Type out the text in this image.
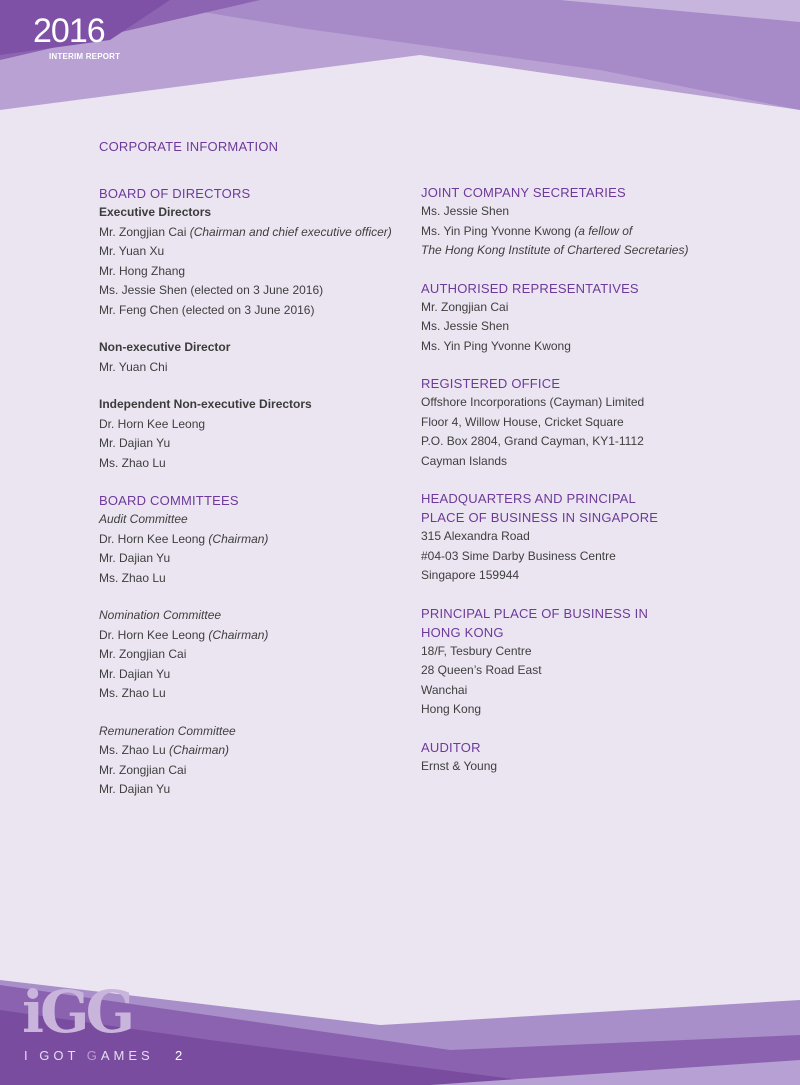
2016
INTERIM REPORT
CORPORATE INFORMATION
BOARD OF DIRECTORS
Executive Directors
Mr. Zongjian Cai (Chairman and chief executive officer)
Mr. Yuan Xu
Mr. Hong Zhang
Ms. Jessie Shen (elected on 3 June 2016)
Mr. Feng Chen (elected on 3 June 2016)
Non-executive Director
Mr. Yuan Chi
Independent Non-executive Directors
Dr. Horn Kee Leong
Mr. Dajian Yu
Ms. Zhao Lu
BOARD COMMITTEES
Audit Committee
Dr. Horn Kee Leong (Chairman)
Mr. Dajian Yu
Ms. Zhao Lu
Nomination Committee
Dr. Horn Kee Leong (Chairman)
Mr. Zongjian Cai
Mr. Dajian Yu
Ms. Zhao Lu
Remuneration Committee
Ms. Zhao Lu (Chairman)
Mr. Zongjian Cai
Mr. Dajian Yu
JOINT COMPANY SECRETARIES
Ms. Jessie Shen
Ms. Yin Ping Yvonne Kwong (a fellow of
The Hong Kong Institute of Chartered Secretaries)
AUTHORISED REPRESENTATIVES
Mr. Zongjian Cai
Ms. Jessie Shen
Ms. Yin Ping Yvonne Kwong
REGISTERED OFFICE
Offshore Incorporations (Cayman) Limited
Floor 4, Willow House, Cricket Square
P.O. Box 2804, Grand Cayman, KY1-1112
Cayman Islands
HEADQUARTERS AND PRINCIPAL
PLACE OF BUSINESS IN SINGAPORE
315 Alexandra Road
#04-03 Sime Darby Business Centre
Singapore 159944
PRINCIPAL PLACE OF BUSINESS IN
HONG KONG
18/F, Tesbury Centre
28 Queen’s Road East
Wanchai
Hong Kong
AUDITOR
Ernst & Young
iGG
I GOT GAMES 2
